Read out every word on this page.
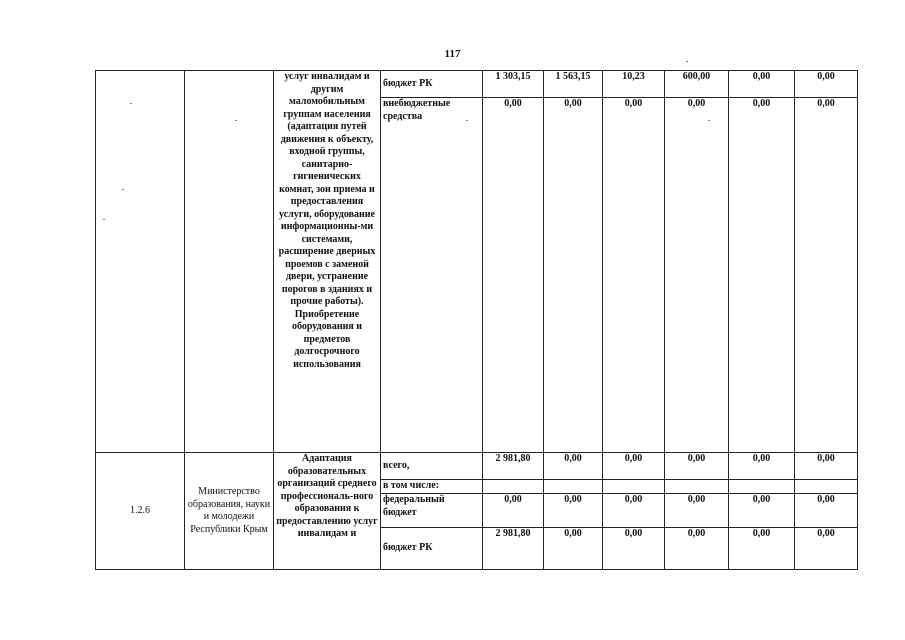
117
		услуг инвалидам и другим маломобильным группам населения (адаптация путей движения к объекту, входной группы, санитарно-гигиенических комнат, зон приема и предоставления услуги, оборудование информационны-ми системами, расширение дверных проемов с заменой двери, устранение порогов в зданиях и прочие работы). Приобретение оборудования и предметов долгосрочного использования	бюджет РК	1 303,15	1 563,15	10,23	600,00	0,00	0,00
			внебюджетные средства	0,00	0,00	0,00	0,00	0,00	0,00
1.2.6	Министерство образования, науки и молодежи Республики Крым	Адаптация образовательных организаций среднего профессиональ-ного образования к предоставлению услуг инвалидам и	всего,	2 981,80	0,00	0,00	0,00	0,00	0,00
			в том числе:						
			федеральный бюджет	0,00	0,00	0,00	0,00	0,00	0,00
			бюджет РК	2 981,80	0,00	0,00	0,00	0,00	0,00
